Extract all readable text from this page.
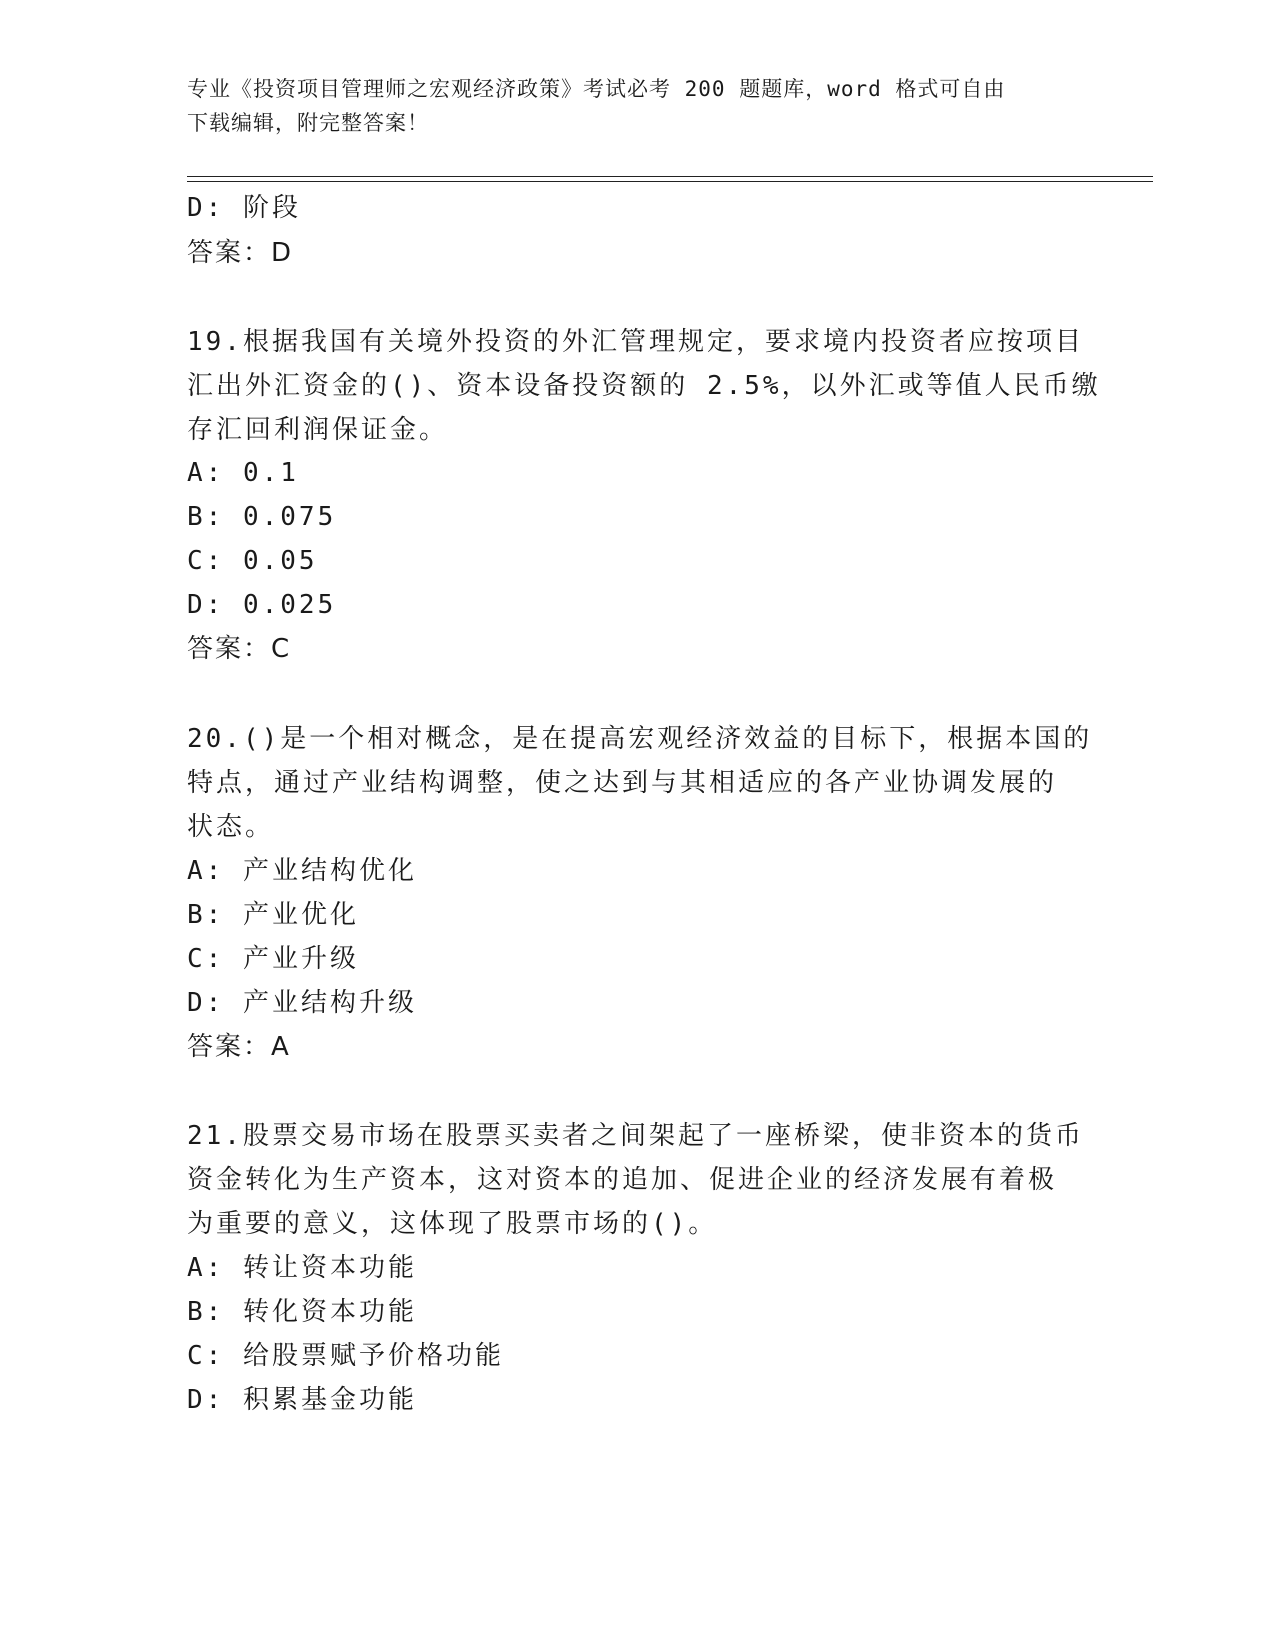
专业《投资项目管理师之宏观经济政策》考试必考 200 题题库，word 格式可自由
下载编辑，附完整答案！
D: 阶段
答案：D
19.根据我国有关境外投资的外汇管理规定，要求境内投资者应按项目
汇出外汇资金的()、资本设备投资额的 2.5%，以外汇或等值人民币缴
存汇回利润保证金。
A: 0.1
B: 0.075
C: 0.05
D: 0.025
答案：C
20.()是一个相对概念，是在提高宏观经济效益的目标下，根据本国的
特点，通过产业结构调整，使之达到与其相适应的各产业协调发展的
状态。
A: 产业结构优化
B: 产业优化
C: 产业升级
D: 产业结构升级
答案：A
21.股票交易市场在股票买卖者之间架起了一座桥梁，使非资本的货币
资金转化为生产资本，这对资本的追加、促进企业的经济发展有着极
为重要的意义，这体现了股票市场的()。
A: 转让资本功能
B: 转化资本功能
C: 给股票赋予价格功能
D: 积累基金功能
